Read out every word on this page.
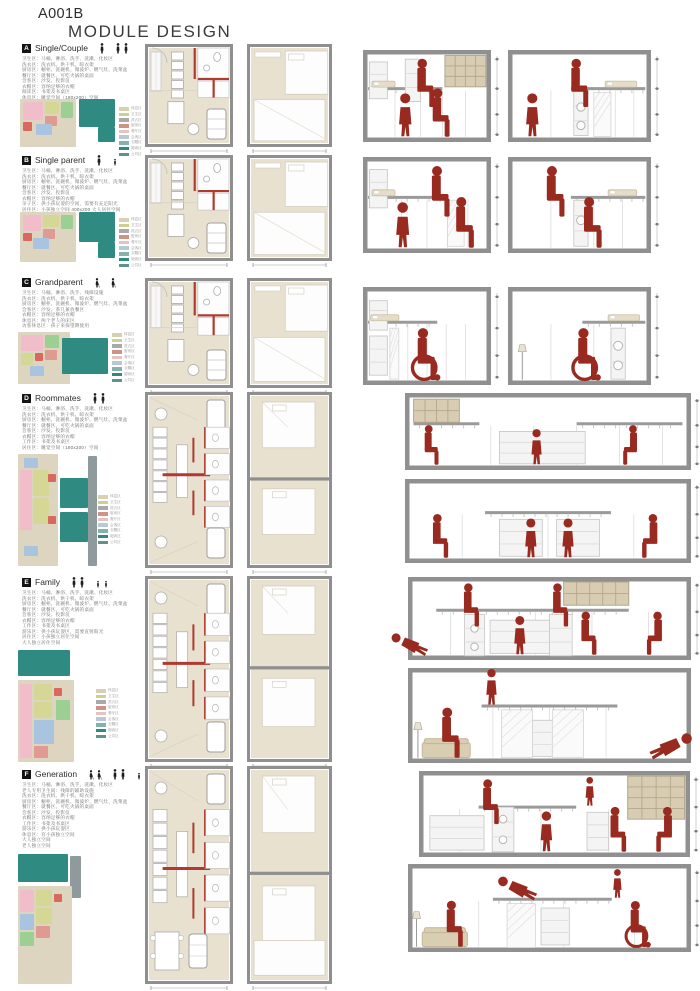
A001B
MODULE DESIGN
A Single/Couple
卫生区：马桶、淋浴、洗手、洗漱、化妆区
洗衣区：洗衣机、烘干机、晾衣架
厨房区：橱柜、洗碗机、微波炉、燃气灶、洗菜盆
餐厅区：就餐区、可吃火锅的桌面
会客区：沙发、投影仪
衣帽区：容纳足够的衣帽
阅读区：书架及书桌区
休息区：睡觉空间（180x200）空间
休息区
卫生区
洗衣区
厨房区
餐厅区
会客区
衣帽区
阅读区
公共区
B Single parent
卫生区：马桶、淋浴、洗手、洗漱、化妆区
洗衣区：洗衣机、烘干机、晾衣架
厨房区：橱柜、洗碗机、微波炉、燃气灶、洗菜盆
餐厅区：就餐区、可吃火锅的桌面
会客区：沙发、投影仪
衣帽区：容纳足够的衣帽
亲子区：供小孩玩耍的空间，需要有充足阳光
居住区：小孩独立空间 400x200 大人居住空间
休息区
卫生区
洗衣区
厨房区
餐厅区
会客区
衣帽区
阅读区
公共区
C Grandparent
卫生区：马桶、淋浴、洗手、残障设施
洗衣区：洗衣机、烘干机、晾衣架
厨房区：橱柜、洗碗机、微波炉、燃气灶、洗菜盆
会客区：沙发、茶几兼放餐区
衣帽区：容纳足够的衣帽
休息区：两个老人的床区
访客休息区：孩子来探望期使用
休息区
卫生区
洗衣区
厨房区
餐厅区
会客区
衣帽区
阅读区
公共区
D Roommates
卫生区：马桶、淋浴、洗手、洗漱、化妆区
洗衣区：洗衣机、烘干机、晾衣架
厨房区：橱柜、洗碗机、微波炉、燃气灶、洗菜盆
餐厅区：就餐区、可吃火锅的桌面
会客区：沙发、投影仪
衣帽区：容纳足够的衣帽
工作区：书架及书桌区
居住区：睡觉空间（180x200）空间
休息区
卫生区
洗衣区
厨房区
餐厅区
会客区
衣帽区
阅读区
公共区
E Family
卫生区：马桶、淋浴、洗手、洗漱、化妆区
洗衣区：洗衣机、烘干机、晾衣架
厨房区：橱柜、洗碗机、微波炉、燃气灶、洗菜盆
餐厅区：就餐区、可吃火锅的桌面
会客区：沙发、投影仪
衣帽区：容纳足够的衣帽
工作区：书架及书桌区
游乐区：供小孩玩耍区，需要直射阳光
居住区：小孩独立居住空间
大人独立居住空间
休息区
卫生区
洗衣区
厨房区
餐厅区
会客区
衣帽区
阅读区
公共区
F Generation
卫生区：马桶、淋浴、洗手、洗漱、化妆区
老人专用卫生间：残障的辅助设施
洗衣区：洗衣机、烘干机、晾衣架
厨房区：橱柜、洗碗机、微波炉、燃气灶、洗菜盆
餐厅区：就餐区、可吃火锅的桌面
会客区：沙发、投影仪
衣帽区：容纳足够的衣帽
工作区：书架及书桌区
游乐区：供小孩玩耍区
休息区：有小孩独立空间
大人独立空间
老人独立空间
